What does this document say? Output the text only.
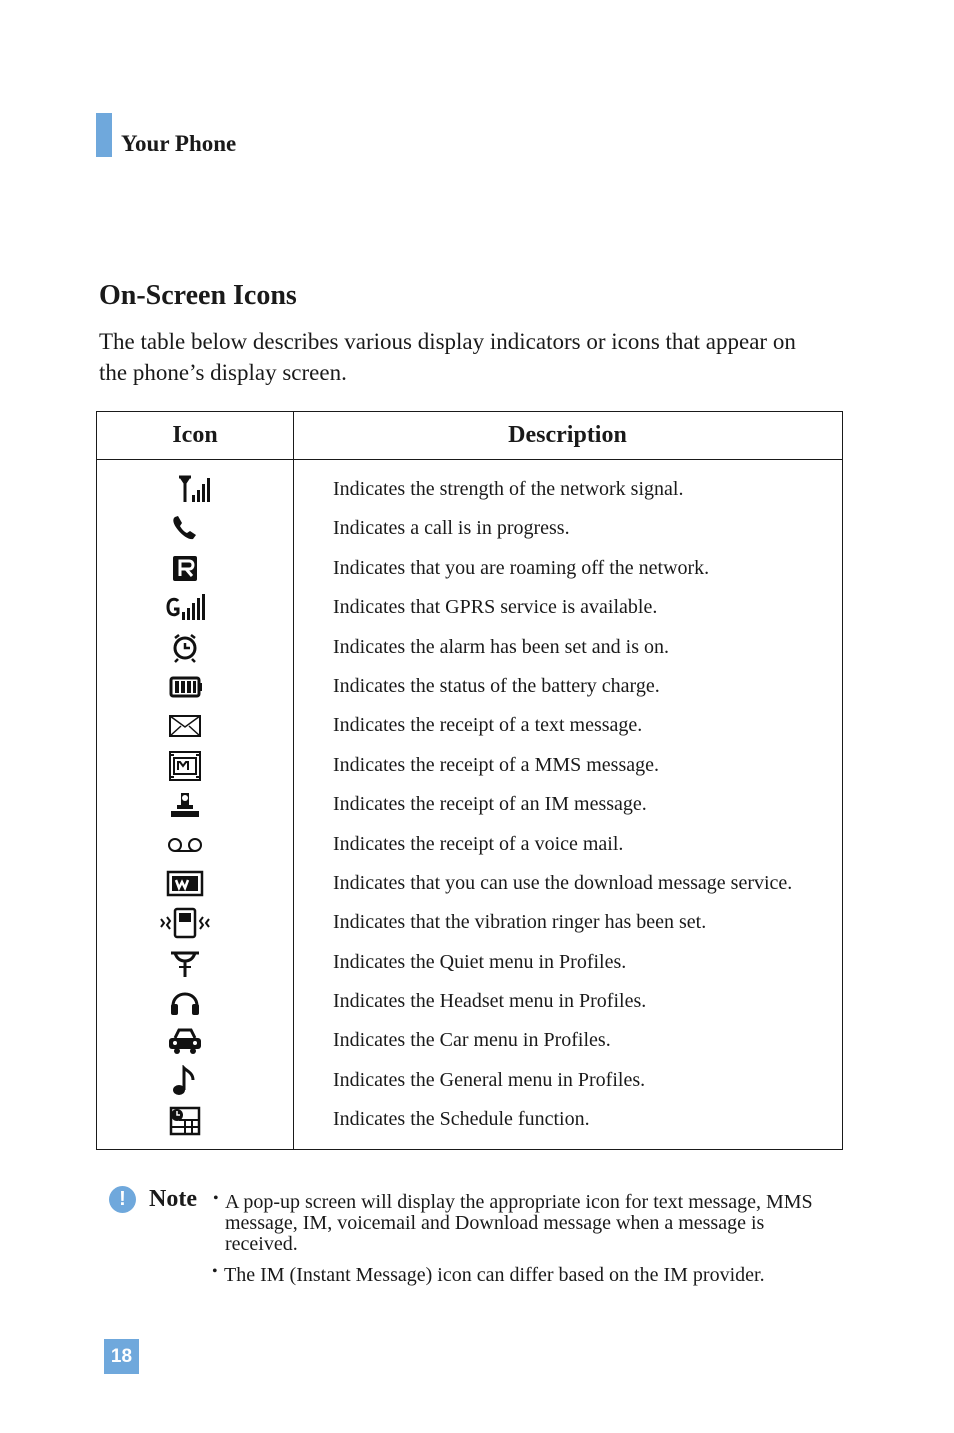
Your Phone
On-Screen Icons

The table below describes various display indicators or icons that appear on the phone’s display screen.

Icon	Description
Indicates the strength of the network signal.
Indicates a call is in progress.
Indicates that you are roaming off the network.
Indicates that GPRS service is available.
Indicates the alarm has been set and is on.
Indicates the status of the battery charge.
Indicates the receipt of a text message.
Indicates the receipt of a MMS message.
Indicates the receipt of an IM message.
Indicates the receipt of a voice mail.
Indicates that you can use the download message service.
Indicates that the vibration ringer has been set.
Indicates the Quiet menu in Profiles.
Indicates the Headset menu in Profiles.
Indicates the Car menu in Profiles.
Indicates the General menu in Profiles.
Indicates the Schedule function.
! Note • A pop-up screen will display the appropriate icon for text message, MMS message, IM, voicemail and Download message when a message is received.
• The IM (Instant Message) icon can differ based on the IM provider.
18
